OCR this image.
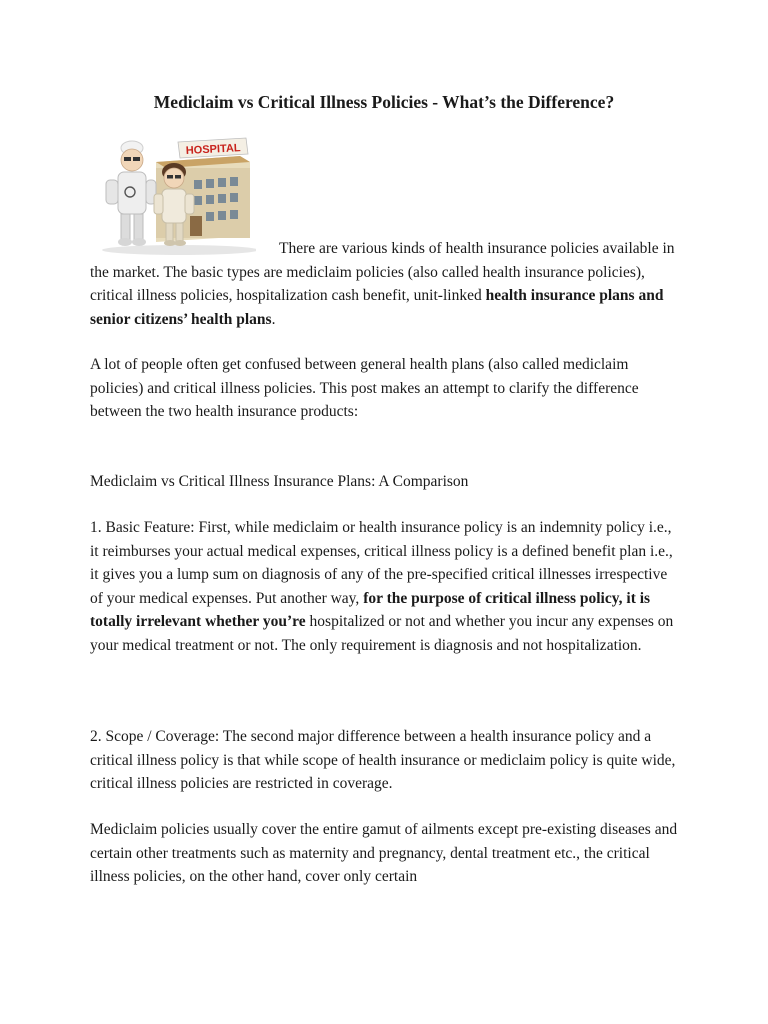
Mediclaim vs Critical Illness Policies - What’s the Difference?
HOSPITAL

There are various kinds of health insurance policies available in the market. The basic types are mediclaim policies (also called health insurance policies), critical illness policies, hospitalization cash benefit, unit-linked health insurance plans and senior citizens’ health plans.

A lot of people often get confused between general health plans (also called mediclaim policies) and critical illness policies. This post makes an attempt to clarify the difference between the two health insurance products:

Mediclaim vs Critical Illness Insurance Plans: A Comparison

1. Basic Feature: First, while mediclaim or health insurance policy is an indemnity policy i.e., it reimburses your actual medical expenses, critical illness policy is a defined benefit plan i.e., it gives you a lump sum on diagnosis of any of the pre-specified critical illnesses irrespective of your medical expenses. Put another way, for the purpose of critical illness policy, it is totally irrelevant whether you’re hospitalized or not and whether you incur any expenses on your medical treatment or not. The only requirement is diagnosis and not hospitalization.

2. Scope / Coverage: The second major difference between a health insurance policy and a critical illness policy is that while scope of health insurance or mediclaim policy is quite wide, critical illness policies are restricted in coverage.

Mediclaim policies usually cover the entire gamut of ailments except pre-existing diseases and certain other treatments such as maternity and pregnancy, dental treatment etc., the critical illness policies, on the other hand, cover only certain
